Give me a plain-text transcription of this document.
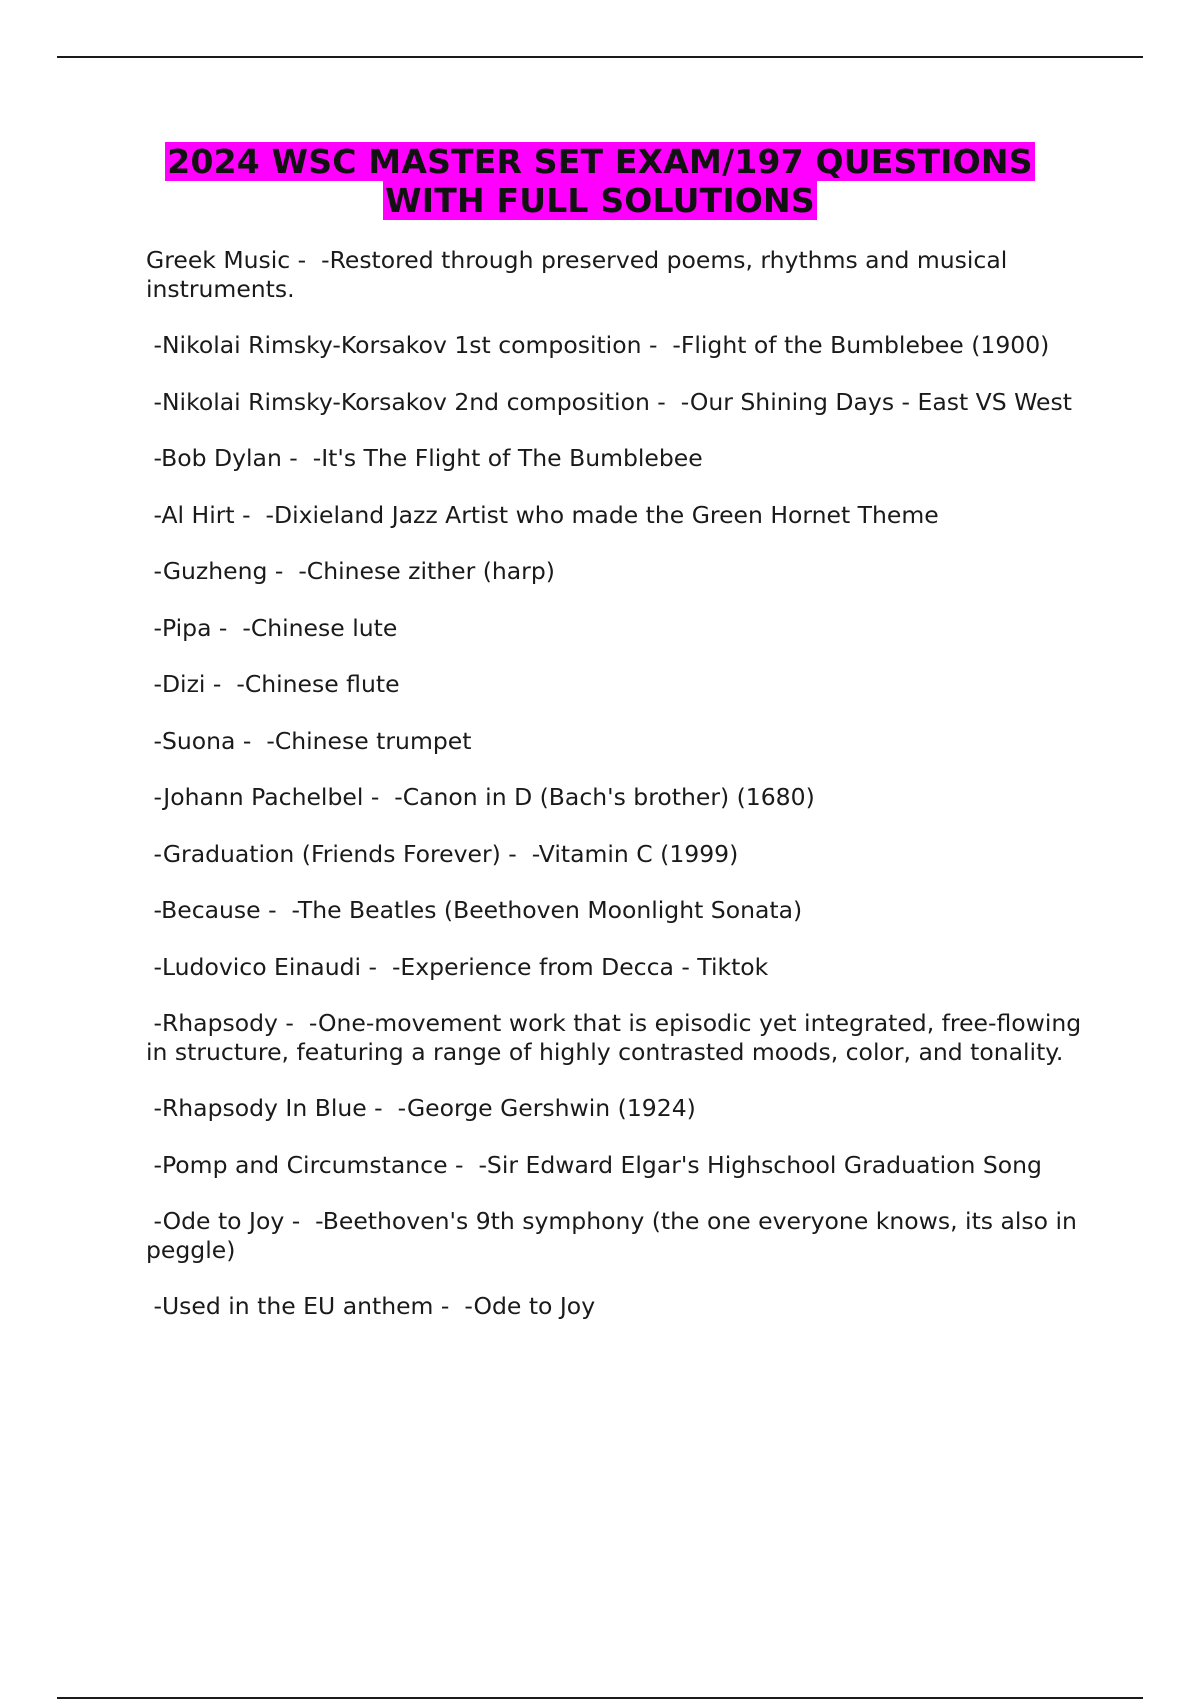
2024 WSC MASTER SET EXAM/197 QUESTIONS
WITH FULL SOLUTIONS
Greek Music -  -Restored through preserved poems, rhythms and musical instruments.
-Nikolai Rimsky-Korsakov 1st composition -  -Flight of the Bumblebee (1900)
-Nikolai Rimsky-Korsakov 2nd composition -  -Our Shining Days - East VS West
-Bob Dylan -  -It's The Flight of The Bumblebee
-Al Hirt -  -Dixieland Jazz Artist who made the Green Hornet Theme
-Guzheng -  -Chinese zither (harp)
-Pipa -  -Chinese lute
-Dizi -  -Chinese flute
-Suona -  -Chinese trumpet
-Johann Pachelbel -  -Canon in D (Bach's brother) (1680)
-Graduation (Friends Forever) -  -Vitamin C (1999)
-Because -  -The Beatles (Beethoven Moonlight Sonata)
-Ludovico Einaudi -  -Experience from Decca - Tiktok
-Rhapsody -  -One-movement work that is episodic yet integrated, free-flowing in structure, featuring a range of highly contrasted moods, color, and tonality.
-Rhapsody In Blue -  -George Gershwin (1924)
-Pomp and Circumstance -  -Sir Edward Elgar's Highschool Graduation Song
-Ode to Joy -  -Beethoven's 9th symphony (the one everyone knows, its also in peggle)
-Used in the EU anthem -  -Ode to Joy
